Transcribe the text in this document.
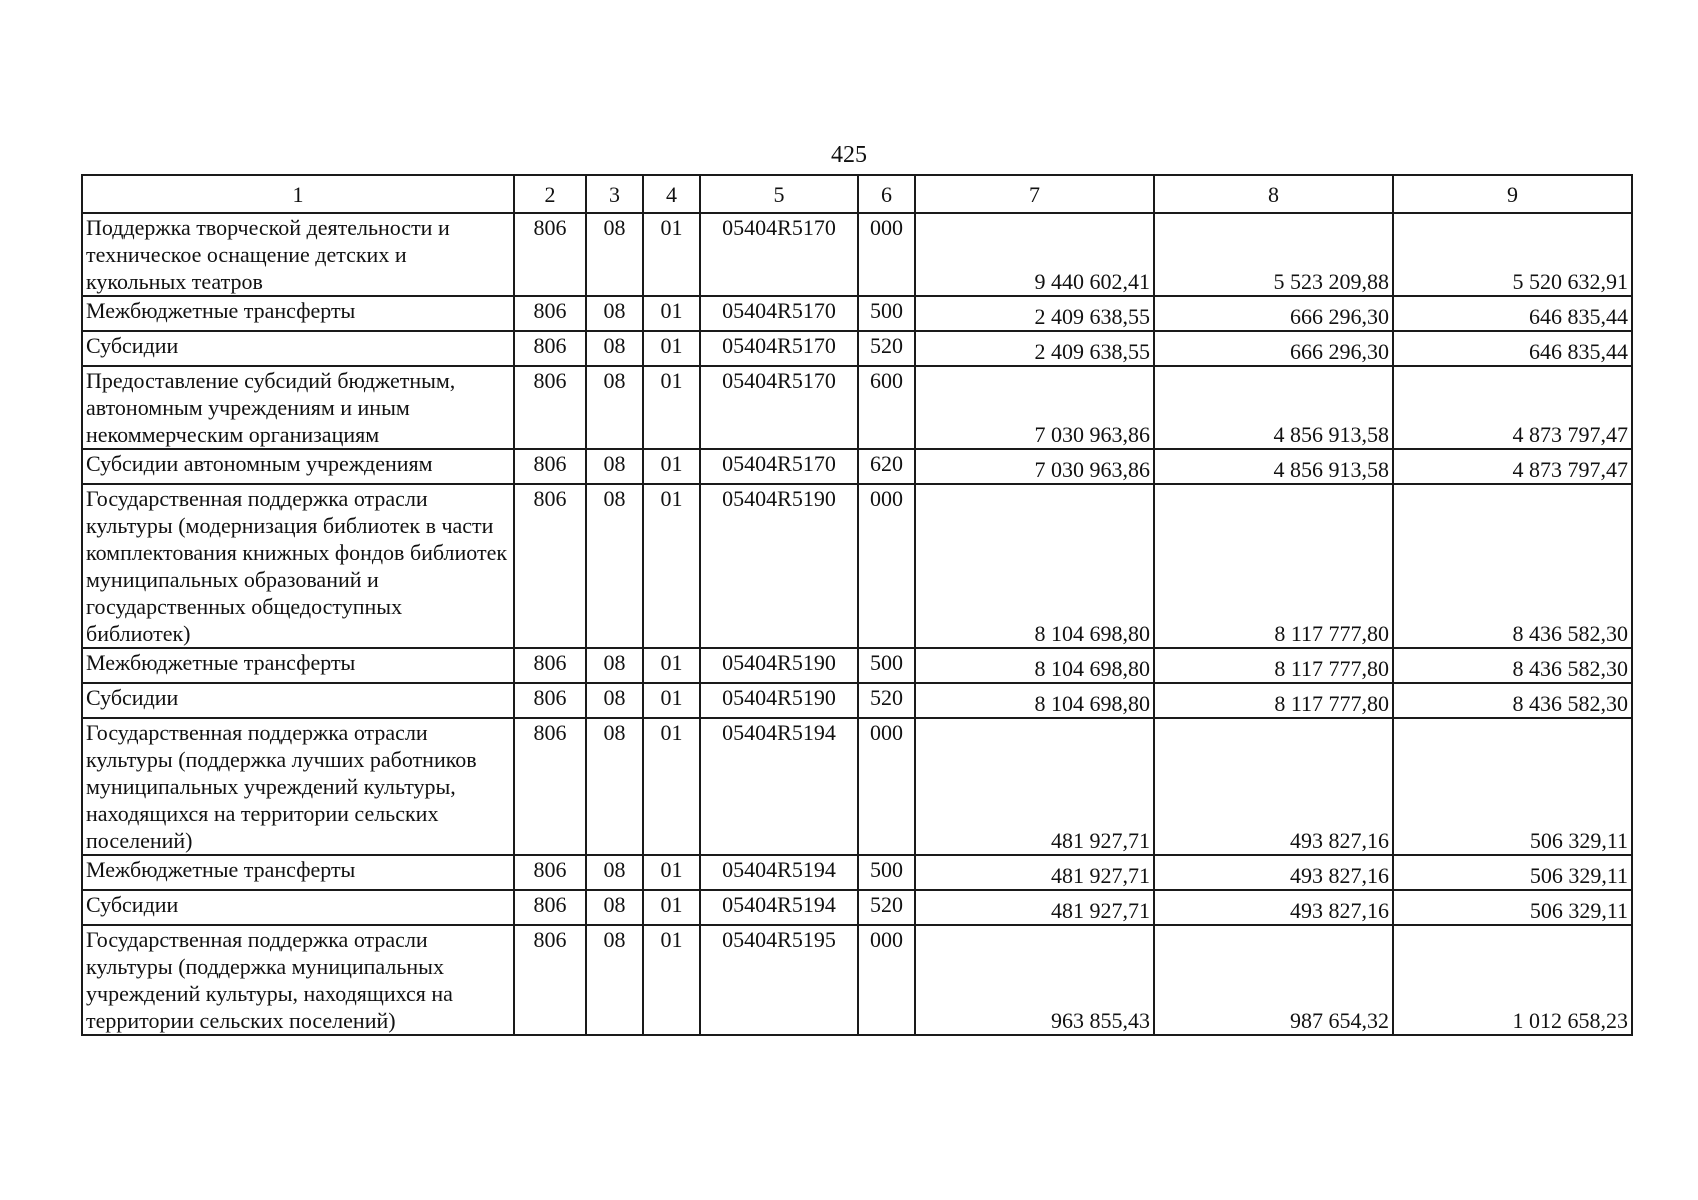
425
1	2	3	4	5	6	7	8	9
Поддержка творческой деятельности и техническое оснащение детских и кукольных театров	806	08	01	05404R5170	000	9 440 602,41	5 523 209,88	5 520 632,91
Межбюджетные трансферты	806	08	01	05404R5170	500	2 409 638,55	666 296,30	646 835,44
Субсидии	806	08	01	05404R5170	520	2 409 638,55	666 296,30	646 835,44
Предоставление субсидий бюджетным, автономным учреждениям и иным некоммерческим организациям	806	08	01	05404R5170	600	7 030 963,86	4 856 913,58	4 873 797,47
Субсидии автономным учреждениям	806	08	01	05404R5170	620	7 030 963,86	4 856 913,58	4 873 797,47
Государственная поддержка отрасли культуры (модернизация библиотек в части комплектования книжных фондов библиотек муниципальных образований и государственных общедоступных библиотек)	806	08	01	05404R5190	000	8 104 698,80	8 117 777,80	8 436 582,30
Межбюджетные трансферты	806	08	01	05404R5190	500	8 104 698,80	8 117 777,80	8 436 582,30
Субсидии	806	08	01	05404R5190	520	8 104 698,80	8 117 777,80	8 436 582,30
Государственная поддержка отрасли культуры (поддержка лучших работников муниципальных учреждений культуры, находящихся на территории сельских поселений)	806	08	01	05404R5194	000	481 927,71	493 827,16	506 329,11
Межбюджетные трансферты	806	08	01	05404R5194	500	481 927,71	493 827,16	506 329,11
Субсидии	806	08	01	05404R5194	520	481 927,71	493 827,16	506 329,11
Государственная поддержка отрасли культуры (поддержка муниципальных учреждений культуры, находящихся на территории сельских поселений)	806	08	01	05404R5195	000	963 855,43	987 654,32	1 012 658,23
